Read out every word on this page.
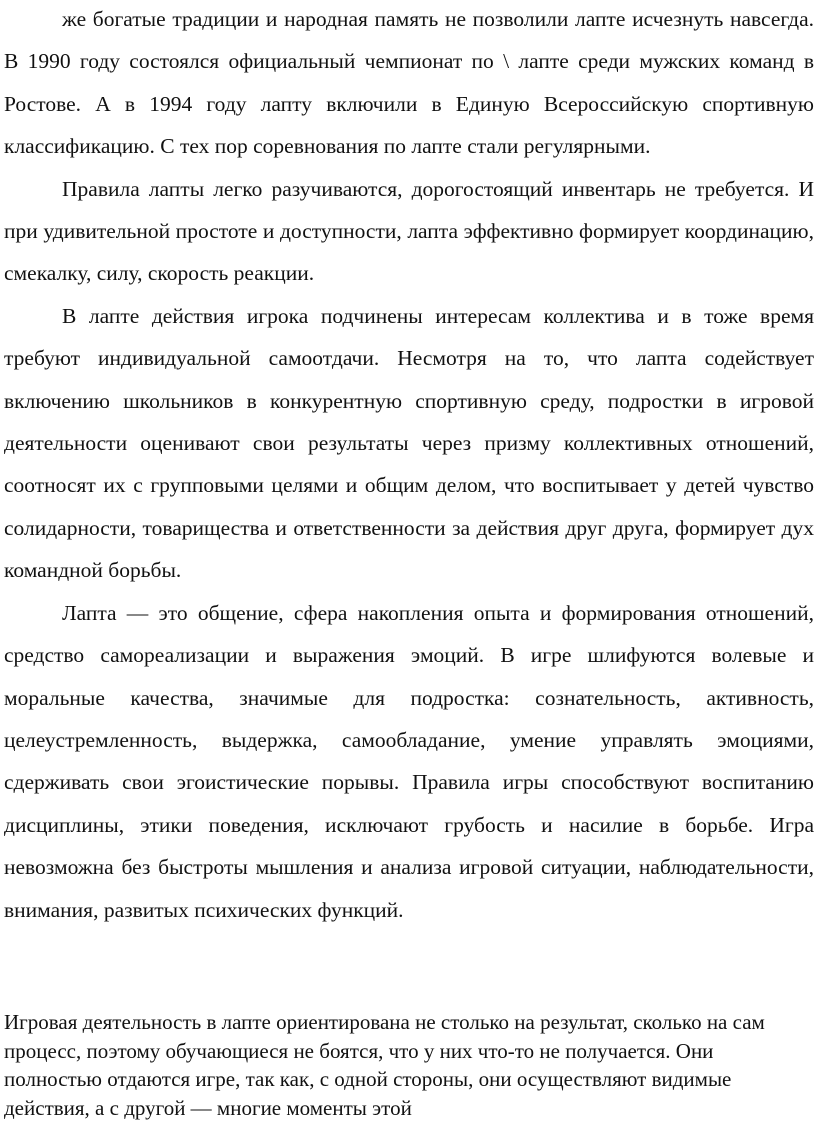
же богатые традиции и народная память не позволили лапте исчезнуть навсегда. В 1990 году состоялся официальный чемпионат по \ лапте среди мужских команд в Ростове. А в 1994 году лапту включили в Единую Всероссийскую спортивную классификацию. С тех пор соревнования по лапте стали регулярными.

Правила лапты легко разучиваются, дорогостоящий инвентарь не требуется. И при удивительной простоте и доступности, лапта эффективно формирует координацию, смекалку, силу, скорость реакции.

В лапте действия игрока подчинены интересам коллектива и в тоже время требуют индивидуальной самоотдачи. Несмотря на то, что лапта содействует включению школьников в конкурентную спортивную среду, подростки в игровой деятельности оценивают свои результаты через призму коллективных отношений, соотносят их с групповыми целями и общим делом, что воспитывает у детей чувство солидарности, товарищества и ответственности за действия друг друга, формирует дух командной борьбы.

Лапта — это общение, сфера накопления опыта и формирования отношений, средство самореализации и выражения эмоций. В игре шлифуются волевые и моральные качества, значимые для подростка: сознательность, активность, целеустремленность, выдержка, самообладание, умение управлять эмоциями, сдерживать свои эгоистические порывы. Правила игры способствуют воспитанию дисциплины, этики поведения, исключают грубость и насилие в борьбе. Игра невозможна без быстроты мышления и анализа игровой ситуации, наблюдательности, внимания, развитых психических функций.

Игровая деятельность в лапте ориентирована не столько на результат, сколько на сам процесс, поэтому обучающиеся не боятся, что у них что-то не получается. Они полностью отдаются игре, так как, с одной стороны, они осуществляют видимые действия, а с другой — многие моменты этой
